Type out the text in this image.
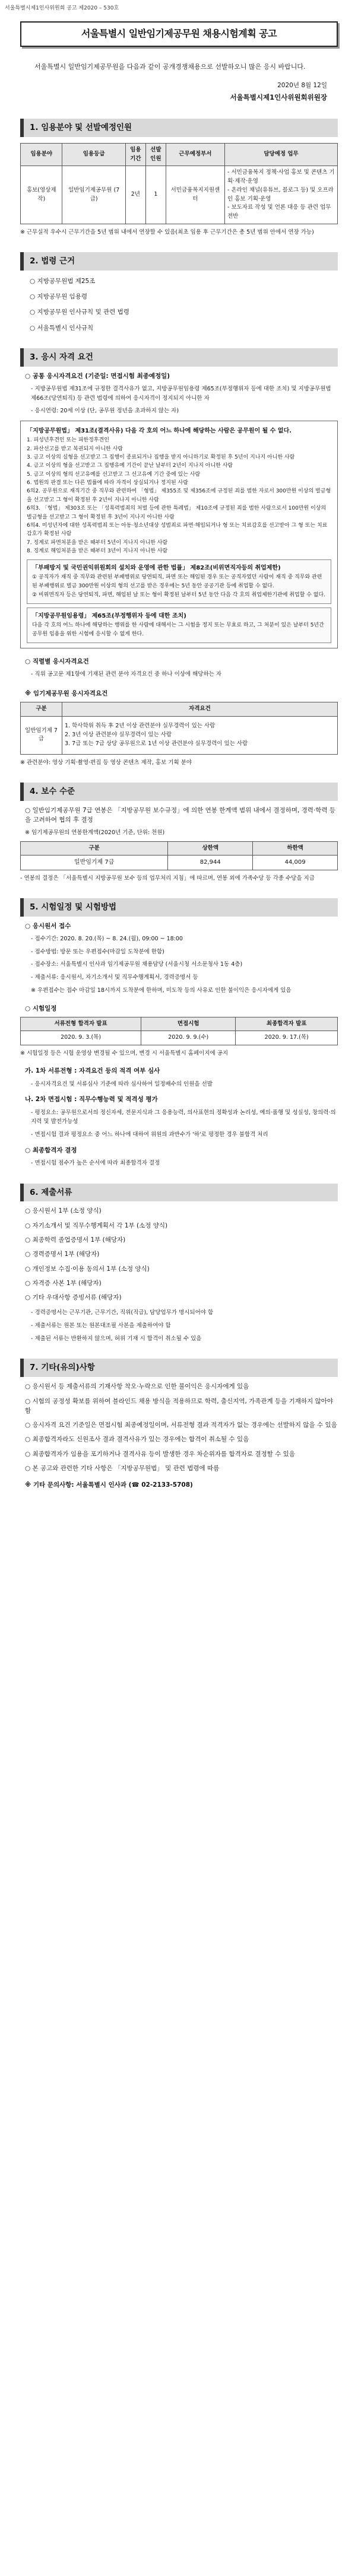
서울특별시제1인사위원회 공고 제2020 – 530호
서울특별시 일반임기제공무원 채용시험계획 공고

서울특별시 일반임기제공무원을 다음과 같이 공개경쟁채용으로 선발하오니 많은 응시 바랍니다.

2020년 8월 12일
서울특별시제1인사위원회위원장
1. 임용분야 및 선발예정인원
임용분야	임용등급	임용기간	선발인원	근무예정부서	담당예정 업무
홍보(영상제작)	일반임기제공무원 (7급)	2년	1	서민금융복지지원센터	- 서민금융복지 정책·사업 홍보 및 콘텐츠 기획·제작·운영
- 온라인 채널(유튜브, 블로그 등) 및 오프라인 홍보 기획·운영
- 보도자료 작성 및 언론 대응 등 관련 업무 전반
※ 근무실적 우수시 근무기간을 5년 범위 내에서 연장할 수 있음(최초 임용 후 근무기간은 총 5년 범위 안에서 연장 가능)
2. 법령 근거
○ 지방공무원법 제25조
○ 지방공무원 임용령
○ 지방공무원 인사규칙 및 관련 법령
○ 서울특별시 인사규칙
3. 응시 자격 요건
○ 공통 응시자격요건 (기준일: 면접시험 최종예정일)
- 지방공무원법 제31조에 규정한 결격사유가 없고, 지방공무원임용령 제65조(부정행위자 등에 대한 조치) 및 지방공무원법 제66조(당연퇴직) 등 관련 법령에 의하여 응시자격이 정지되지 아니한 자
- 응시연령: 20세 이상 (단, 공무원 정년을 초과하지 않는 자)
「지방공무원법」 제31조(결격사유) 다음 각 호의 어느 하나에 해당하는 사람은 공무원이 될 수 없다.
1. 피성년후견인 또는 피한정후견인
2. 파산선고를 받고 복권되지 아니한 사람
3. 금고 이상의 실형을 선고받고 그 집행이 종료되거나 집행을 받지 아니하기로 확정된 후 5년이 지나지 아니한 사람
4. 금고 이상의 형을 선고받고 그 집행유예 기간이 끝난 날부터 2년이 지나지 아니한 사람
5. 금고 이상의 형의 선고유예를 선고받고 그 선고유예 기간 중에 있는 사람
6. 법원의 판결 또는 다른 법률에 따라 자격이 상실되거나 정지된 사람
6의2. 공무원으로 재직기간 중 직무와 관련하여 「형법」 제355조 및 제356조에 규정된 죄를 범한 자로서 300만원 이상의 벌금형을 선고받고 그 형이 확정된 후 2년이 지나지 아니한 사람
6의3. 「형법」 제303조 또는 「성폭력범죄의 처벌 등에 관한 특례법」 제10조에 규정된 죄를 범한 사람으로서 100만원 이상의 벌금형을 선고받고 그 형이 확정된 후 3년이 지나지 아니한 사람
6의4. 미성년자에 대한 성폭력범죄 또는 아동·청소년대상 성범죄로 파면·해임되거나 형 또는 치료감호를 선고받아 그 형 또는 치료감호가 확정된 사람
7. 징계로 파면처분을 받은 때부터 5년이 지나지 아니한 사람
8. 징계로 해임처분을 받은 때부터 3년이 지나지 아니한 사람
「부패방지 및 국민권익위원회의 설치와 운영에 관한 법률」 제82조(비위면직자등의 취업제한)
① 공직자가 재직 중 직무와 관련된 부패행위로 당연퇴직, 파면 또는 해임된 경우 또는 공직자였던 사람이 재직 중 직무와 관련된 부패행위로 벌금 300만원 이상의 형의 선고를 받은 경우에는 5년 동안 공공기관 등에 취업할 수 없다.
② 비위면직자 등은 당연퇴직, 파면, 해임된 날 또는 형이 확정된 날부터 5년 동안 다음 각 호의 취업제한기관에 취업할 수 없다.
「지방공무원임용령」 제65조(부정행위자 등에 대한 조치)
다음 각 호의 어느 하나에 해당하는 행위를 한 사람에 대해서는 그 시험을 정지 또는 무효로 하고, 그 처분이 있은 날부터 5년간 공무원 임용을 위한 시험에 응시할 수 없게 한다.
○ 직렬별 응시자격요건
- 직위 공고문 제1항에 기재된 관련 분야 자격요건 중 하나 이상에 해당하는 자
※ 임기제공무원 응시자격요건
구분	자격요건
일반임기제 7급	1. 학사학위 취득 후 2년 이상 관련분야 실무경력이 있는 사람
2. 3년 이상 관련분야 실무경력이 있는 사람
3. 7급 또는 7급 상당 공무원으로 1년 이상 관련분야 실무경력이 있는 사람
※ 관련분야: 영상 기획·촬영·편집 등 영상 콘텐츠 제작, 홍보 기획 분야
4. 보수 수준
○ 일반임기제공무원 7급 연봉은 「지방공무원 보수규정」에 의한 연봉 한계액 범위 내에서 결정하며, 경력·학력 등을 고려하여 협의 후 결정
※ 임기제공무원의 연봉한계액(2020년 기준, 단위: 천원)
구분	상한액	하한액
일반임기제 7급	82,944	44,009
- 연봉의 결정은 「서울특별시 지방공무원 보수 등의 업무처리 지침」에 따르며, 연봉 외에 가족수당 등 각종 수당을 지급
5. 시험일정 및 시험방법
○ 응시원서 접수
- 접수기간: 2020. 8. 20.(목) ~ 8. 24.(월), 09:00 ~ 18:00
- 접수방법: 방문 또는 우편접수(마감일 도착분에 한함)
- 접수장소: 서울특별시 인사과 임기제공무원 채용담당 (서울시청 서소문청사 1동 4층)
- 제출서류: 응시원서, 자기소개서 및 직무수행계획서, 경력증명서 등
※ 우편접수는 접수 마감일 18시까지 도착분에 한하며, 미도착 등의 사유로 인한 불이익은 응시자에게 있음
○ 시험일정
서류전형 합격자 발표	면접시험	최종합격자 발표
2020. 9. 3.(목)	2020. 9. 9.(수)	2020. 9. 17.(목)
※ 시험일정 등은 시험 운영상 변경될 수 있으며, 변경 시 서울특별시 홈페이지에 공지
가. 1차 서류전형 : 자격요건 등의 적격 여부 심사
- 응시자격요건 및 서류심사 기준에 따라 심사하여 일정배수의 인원을 선발
나. 2차 면접시험 : 직무수행능력 및 적격성 평가
- 평정요소: 공무원으로서의 정신자세, 전문지식과 그 응용능력, 의사표현의 정확성과 논리성, 예의·품행 및 성실성, 창의력·의지력 및 발전가능성
- 면접시험 결과 평정요소 중 어느 하나에 대하여 위원의 과반수가 '하'로 평정한 경우 불합격 처리
○ 최종합격자 결정
- 면접시험 점수가 높은 순서에 따라 최종합격자 결정
6. 제출서류
○ 응시원서 1부 (소정 양식)
○ 자기소개서 및 직무수행계획서 각 1부 (소정 양식)
○ 최종학력 졸업증명서 1부 (해당자)
○ 경력증명서 1부 (해당자)
○ 개인정보 수집·이용 동의서 1부 (소정 양식)
○ 자격증 사본 1부 (해당자)
○ 기타 우대사항 증빙서류 (해당자)
- 경력증명서는 근무기관, 근무기간, 직위(직급), 담당업무가 명시되어야 함
- 제출서류는 원본 또는 원본대조필 사본을 제출하여야 함
- 제출된 서류는 반환하지 않으며, 허위 기재 시 합격이 취소될 수 있음
7. 기타(유의)사항
○ 응시원서 등 제출서류의 기재사항 착오·누락으로 인한 불이익은 응시자에게 있음
○ 시험의 공정성 확보를 위하여 블라인드 채용 방식을 적용하므로 학력, 출신지역, 가족관계 등을 기재하지 않아야 함
○ 응시자격 요건 기준일은 면접시험 최종예정일이며, 서류전형 결과 적격자가 없는 경우에는 선발하지 않을 수 있음
○ 최종합격자라도 신원조사 결과 결격사유가 있는 경우에는 합격이 취소될 수 있음
○ 최종합격자가 임용을 포기하거나 결격사유 등이 발생한 경우 차순위자를 합격자로 결정할 수 있음
○ 본 공고와 관련한 기타 사항은 「지방공무원법」 및 관련 법령에 따름
※ 기타 문의사항: 서울특별시 인사과 (☎ 02-2133-5708)
